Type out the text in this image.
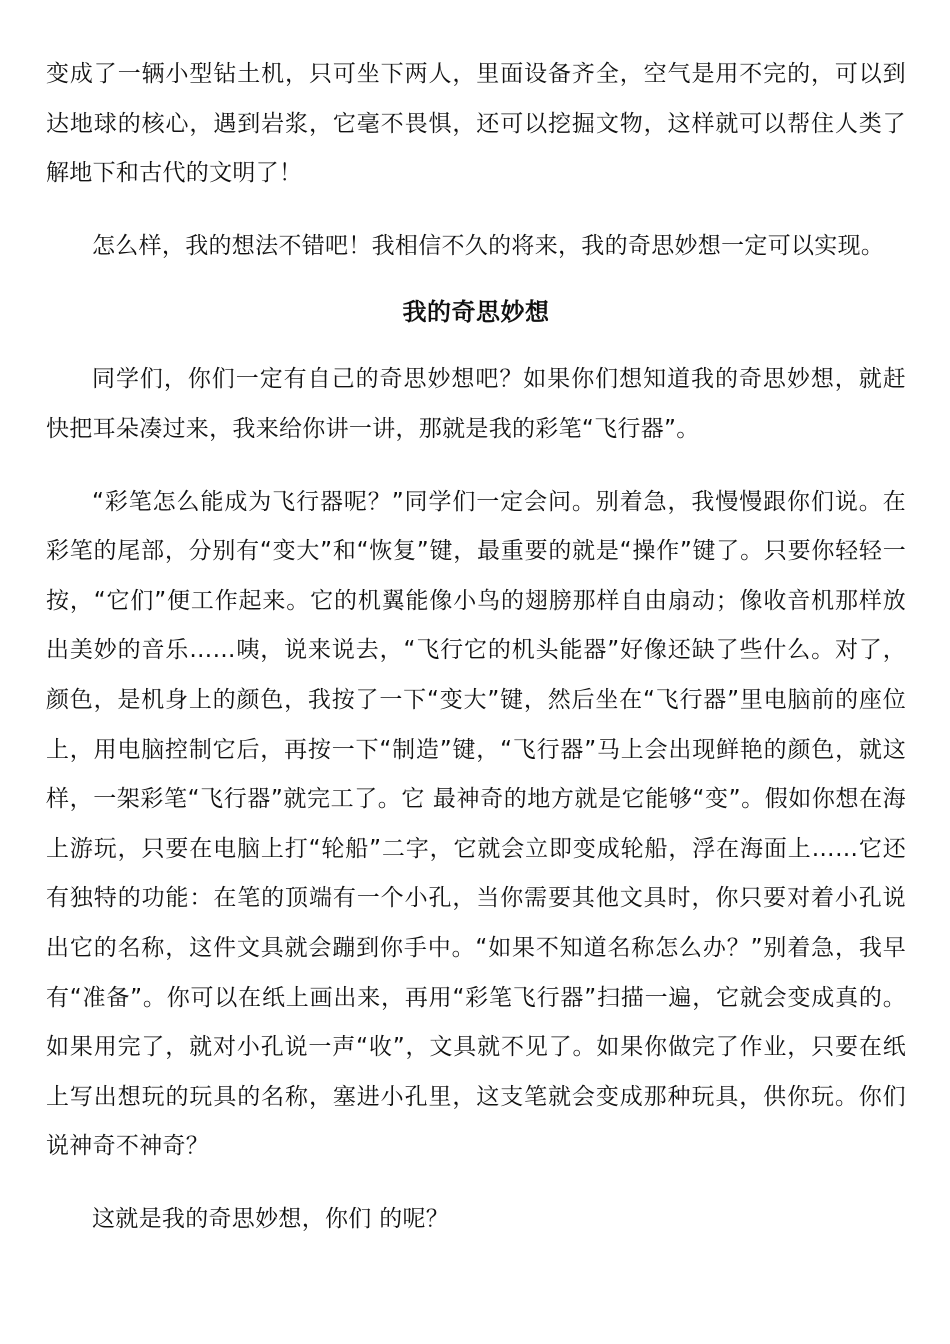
变成了一辆小型钻土机，只可坐下两人，里面设备齐全，空气是用不完的，可以到达地球的核心，遇到岩浆，它毫不畏惧，还可以挖掘文物，这样就可以帮住人类了解地下和古代的文明了！

怎么样，我的想法不错吧！我相信不久的将来，我的奇思妙想一定可以实现。

我的奇思妙想

同学们，你们一定有自己的奇思妙想吧？如果你们想知道我的奇思妙想，就赶快把耳朵凑过来，我来给你讲一讲，那就是我的彩笔“飞行器”。

“彩笔怎么能成为飞行器呢？”同学们一定会问。别着急，我慢慢跟你们说。在彩笔的尾部，分别有“变大”和“恢复”键，最重要的就是“操作”键了。只要你轻轻一按，“它们”便工作起来。它的机翼能像小鸟的翅膀那样自由扇动；像收音机那样放出美妙的音乐……咦，说来说去，“飞行它的机头能器”好像还缺了些什么。对了，颜色，是机身上的颜色，我按了一下“变大”键，然后坐在“飞行器”里电脑前的座位上，用电脑控制它后，再按一下“制造”键，“飞行器”马上会出现鲜艳的颜色，就这样，一架彩笔“飞行器”就完工了。它 最神奇的地方就是它能够“变”。假如你想在海上游玩，只要在电脑上打“轮船”二字，它就会立即变成轮船，浮在海面上……它还有独特的功能：在笔的顶端有一个小孔，当你需要其他文具时，你只要对着小孔说出它的名称，这件文具就会蹦到你手中。“如果不知道名称怎么办？”别着急，我早有“准备”。你可以在纸上画出来，再用“彩笔飞行器”扫描一遍，它就会变成真的。如果用完了，就对小孔说一声“收”，文具就不见了。如果你做完了作业，只要在纸上写出想玩的玩具的名称，塞进小孔里，这支笔就会变成那种玩具，供你玩。你们说神奇不神奇？

这就是我的奇思妙想，你们 的呢？
